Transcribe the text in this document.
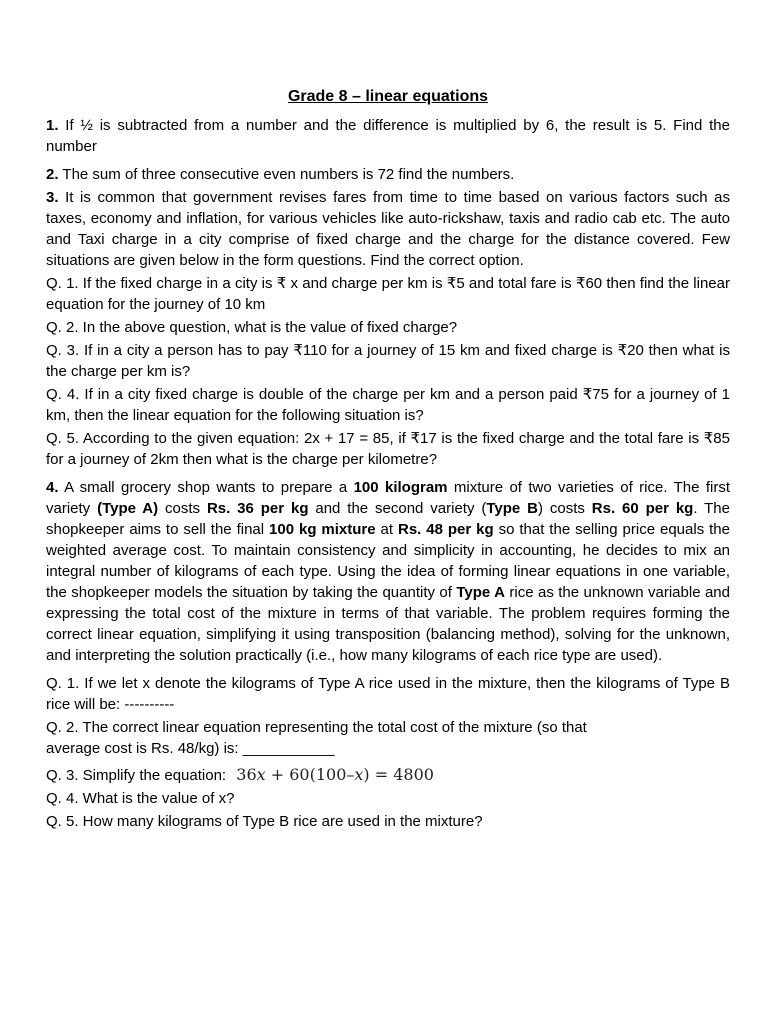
Grade 8 – linear equations

1. If ½ is subtracted from a number and the difference is multiplied by 6, the result is 5. Find the number

2. The sum of three consecutive even numbers is 72 find the numbers.

3. It is common that government revises fares from time to time based on various factors such as taxes, economy and inflation, for various vehicles like auto-rickshaw, taxis and radio cab etc. The auto and Taxi charge in a city comprise of fixed charge and the charge for the distance covered. Few situations are given below in the form questions. Find the correct option.

Q. 1. If the fixed charge in a city is ₹ x and charge per km is ₹5 and total fare is ₹60 then find the linear equation for the journey of 10 km

Q. 2. In the above question, what is the value of fixed charge?

Q. 3. If in a city a person has to pay ₹110 for a journey of 15 km and fixed charge is ₹20 then what is the charge per km is?

Q. 4. If in a city fixed charge is double of the charge per km and a person paid ₹75 for a journey of 1 km, then the linear equation for the following situation is?

Q. 5. According to the given equation: 2x + 17 = 85, if ₹17 is the fixed charge and the total fare is ₹85 for a journey of 2km then what is the charge per kilometre?

4. A small grocery shop wants to prepare a 100 kilogram mixture of two varieties of rice. The first variety (Type A) costs Rs. 36 per kg and the second variety (Type B) costs Rs. 60 per kg. The shopkeeper aims to sell the final 100 kg mixture at Rs. 48 per kg so that the selling price equals the weighted average cost. To maintain consistency and simplicity in accounting, he decides to mix an integral number of kilograms of each type. Using the idea of forming linear equations in one variable, the shopkeeper models the situation by taking the quantity of Type A rice as the unknown variable and expressing the total cost of the mixture in terms of that variable. The problem requires forming the correct linear equation, simplifying it using transposition (balancing method), solving for the unknown, and interpreting the solution practically (i.e., how many kilograms of each rice type are used).

Q. 1. If we let x denote the kilograms of Type A rice used in the mixture, then the kilograms of Type B rice will be: ----------

Q. 2. The correct linear equation representing the total cost of the mixture (so that
average cost is Rs. 48/kg) is: ___________

Q. 3. Simplify the equation: 36x + 60(100–x) = 4800

Q. 4. What is the value of x?

Q. 5. How many kilograms of Type B rice are used in the mixture?
